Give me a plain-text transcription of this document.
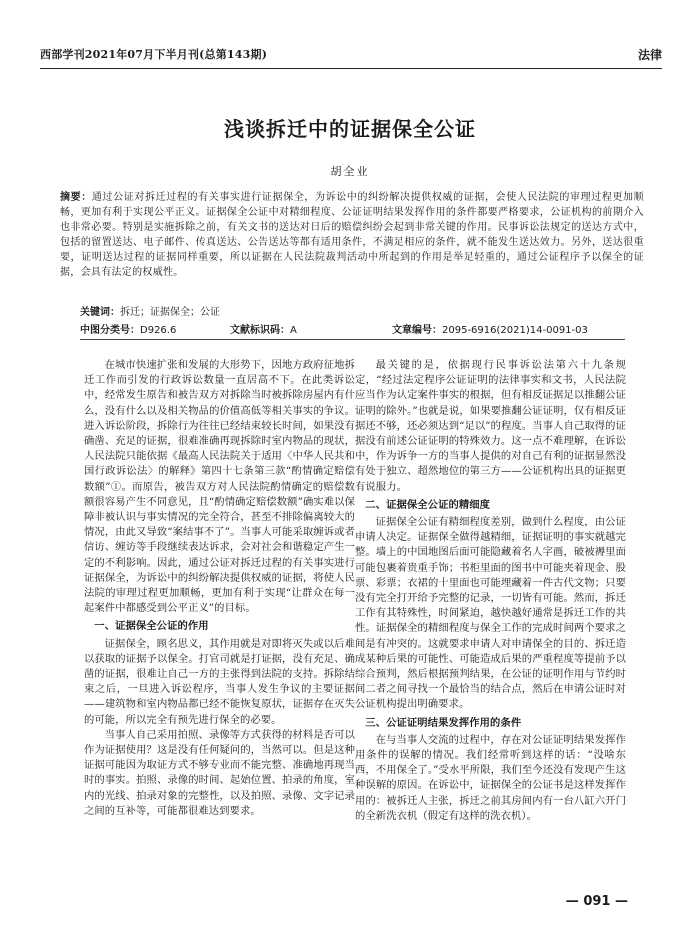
西部学刊2021年07月下半月刊(总第143期)	法律
浅谈拆迁中的证据保全公证
胡全业
摘要：通过公证对拆迁过程的有关事实进行证据保全，为诉讼中的纠纷解决提供权威的证据，会使人民法院的审理过程更加顺畅，更加有利于实现公平正义。证据保全公证中对精细程度、公证证明结果发挥作用的条件都要严格要求，公证机构的前期介入也非常必要。特别是实施拆除之前，有关文书的送达对日后的赔偿纠纷会起到非常关键的作用。民事诉讼法规定的送达方式中，包括的留置送达、电子邮件、传真送达、公告送达等都有适用条件，不满足相应的条件，就不能发生送达效力。另外，送达很重要，证明送达过程的证据同样重要，所以证据在人民法院裁判活动中所起到的作用是举足轻重的，通过公证程序予以保全的证据，会具有法定的权威性。
关键词：拆迁；证据保全；公证
中图分类号：D926.6	文献标识码：A	文章编号：2095-6916(2021)14-0091-03

在城市快速扩张和发展的大形势下，因地方政府征地拆迁工作而引发的行政诉讼数量一直居高不下。在此类诉讼中，经常发生原告和被告双方对拆除当时被拆除房屋内有什么，没有什么以及相关物品的价值高低等相关事实的争议。进入诉讼阶段，拆除行为往往已经结束较长时间，如果没有确凿、充足的证据，很难准确再现拆除时室内物品的现状，人民法院只能依据《最高人民法院关于适用〈中华人民共和国行政诉讼法〉的解释》第四十七条第三款“酌情确定赔偿数额”①。而原告，被告双方对人民法院酌情确定的赔偿数额很容易产生不同意见，且“酌情确定赔偿数额”确实难以保障非被认识与事实情况的完全符合，甚至不排除偏离较大的情况，由此又导致“案结事不了”。当事人可能采取缠诉或者信访、缠访等手段继续表达诉求，会对社会和谐稳定产生一定的不利影响。因此，通过公证对拆迁过程的有关事实进行证据保全，为诉讼中的纠纷解决提供权威的证据，将使人民法院的审理过程更加顺畅，更加有利于实现“让群众在每一起案件中都感受到公平正义”的目标。

一、证据保全公证的作用

证据保全，顾名思义，其作用就是对即将灭失或以后难以获取的证据予以保全。打官司就是打证据，没有充足、确凿的证据，很难让自己一方的主张得到法院的支持。拆除结束之后，一旦进入诉讼程序，当事人发生争议的主要证据——建筑物和室内物品都已经不能恢复原状，证据存在灭失的可能，所以完全有预先进行保全的必要。

当事人自己采用拍照、录像等方式获得的材料是否可以作为证据使用？这是没有任何疑问的，当然可以。但是这种证据可能因为取证方式不够专业而不能完整、准确地再现当时的事实。拍照、录像的时间、起始位置、拍录的角度，室内的光线、拍录对象的完整性，以及拍照、录像、文字记录之间的互补等，可能都很难达到要求。

最关键的是，依据现行民事诉讼法第六十九条规定，“经过法定程序公证证明的法律事实和文书，人民法院应当作为认定案件事实的根据，但有相反证据足以推翻公证证明的除外。”也就是说，如果要推翻公证证明，仅有相反证据还不够，还必须达到“足以”的程度。当事人自己取得的证据没有前述公证证明的特殊效力。这一点不难理解，在诉讼中，作为诉争一方的当事人提供的对自己有利的证据显然没有处于独立、超然地位的第三方——公证机构出具的证据更有说服力。

二、证据保全公证的精细度

证据保全公证有精细程度差别，做到什么程度，由公证申请人决定。证据保全做得越精细，证据证明的事实就越完整。墙上的中国地图后面可能隐藏着名人字画，破被褥里面可能包裹着贵重手饰；书柜里面的图书中可能夹着现金、股票、彩票；衣裙的十里面也可能埋藏着一件古代文物；只要没有完全打开给予完整的记录，一切皆有可能。然而，拆迁工作有其特殊性，时间紧迫，越快越好通常是拆迁工作的共性。证据保全的精细程度与保全工作的完成时间两个要求之间是有冲突的。这就要求申请人对申请保全的目的、拆迁造成某种后果的可能性、可能造成后果的严重程度等提前予以综合预判，然后根据预判结果，在公证的证明作用与节约时间二者之间寻找一个最恰当的结合点，然后在申请公证时对公证机构提出明确要求。

三、公证证明结果发挥作用的条件

在与当事人交流的过程中，存在对公证证明结果发挥作用条件的误解的情况。我们经常听到这样的话：“没啥东西，不用保全了。”受水平所限，我们至今还没有发现产生这种误解的原因。在诉讼中，证据保全的公证书是这样发挥作用的：被拆迁人主张，拆迁之前其房间内有一台八缸六开门的全新洗衣机（假定有这样的洗衣机）。

— 091 —
